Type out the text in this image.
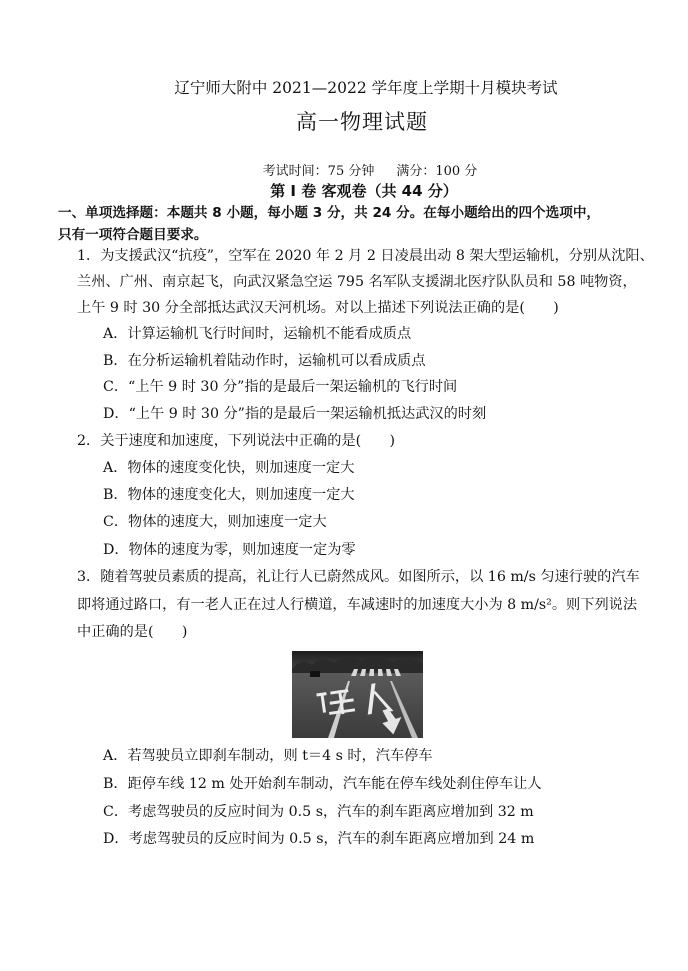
辽宁师大附中 2021—2022 学年度上学期十月模块考试
高一物理试题
考试时间：75 分钟 满分：100 分
第 I 卷 客观卷（共 44 分）
一、单项选择题：本题共 8 小题，每小题 3 分，共 24 分。在每小题给出的四个选项中，
只有一项符合题目要求。
1．为支援武汉“抗疫”，空军在 2020 年 2 月 2 日凌晨出动 8 架大型运输机，分别从沈阳、
兰州、广州、南京起飞，向武汉紧急空运 795 名军队支援湖北医疗队队员和 58 吨物资，
上午 9 时 30 分全部抵达武汉天河机场。对以上描述下列说法正确的是(　　)
A．计算运输机飞行时间时，运输机不能看成质点
B．在分析运输机着陆动作时，运输机可以看成质点
C．“上午 9 时 30 分”指的是最后一架运输机的飞行时间
D．“上午 9 时 30 分”指的是最后一架运输机抵达武汉的时刻
2．关于速度和加速度，下列说法中正确的是(　　)
A．物体的速度变化快，则加速度一定大
B．物体的速度变化大，则加速度一定大
C．物体的速度大，则加速度一定大
D．物体的速度为零，则加速度一定为零
3．随着驾驶员素质的提高，礼让行人已蔚然成风。如图所示，以 16 m/s 匀速行驶的汽车
即将通过路口，有一老人正在过人行横道，车减速时的加速度大小为 8 m/s²。则下列说法
中正确的是(　　)
A．若驾驶员立即刹车制动，则 t＝4 s 时，汽车停车
B．距停车线 12 m 处开始刹车制动，汽车能在停车线处刹住停车让人
C．考虑驾驶员的反应时间为 0.5 s，汽车的刹车距离应增加到 32 m
D．考虑驾驶员的反应时间为 0.5 s，汽车的刹车距离应增加到 24 m
